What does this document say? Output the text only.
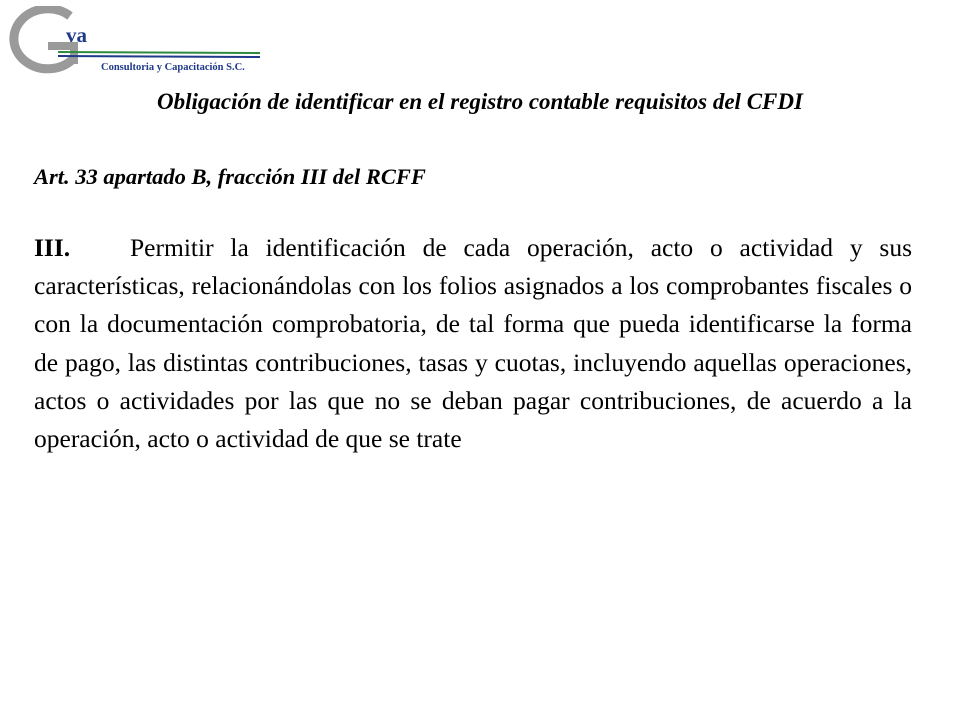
va
Consultoria y Capacitación S.C.
Obligación de identificar en el registro contable requisitos del CFDI
Art. 33 apartado B, fracción III del RCFF
III. Permitir la identificación de cada operación, acto o actividad y sus características, relacionándolas con los folios asignados a los comprobantes fiscales o con la documentación comprobatoria, de tal forma que pueda identificarse la forma de pago, las distintas contribuciones, tasas y cuotas, incluyendo aquellas operaciones, actos o actividades por las que no se deban pagar contribuciones, de acuerdo a la operación, acto o actividad de que se trate
